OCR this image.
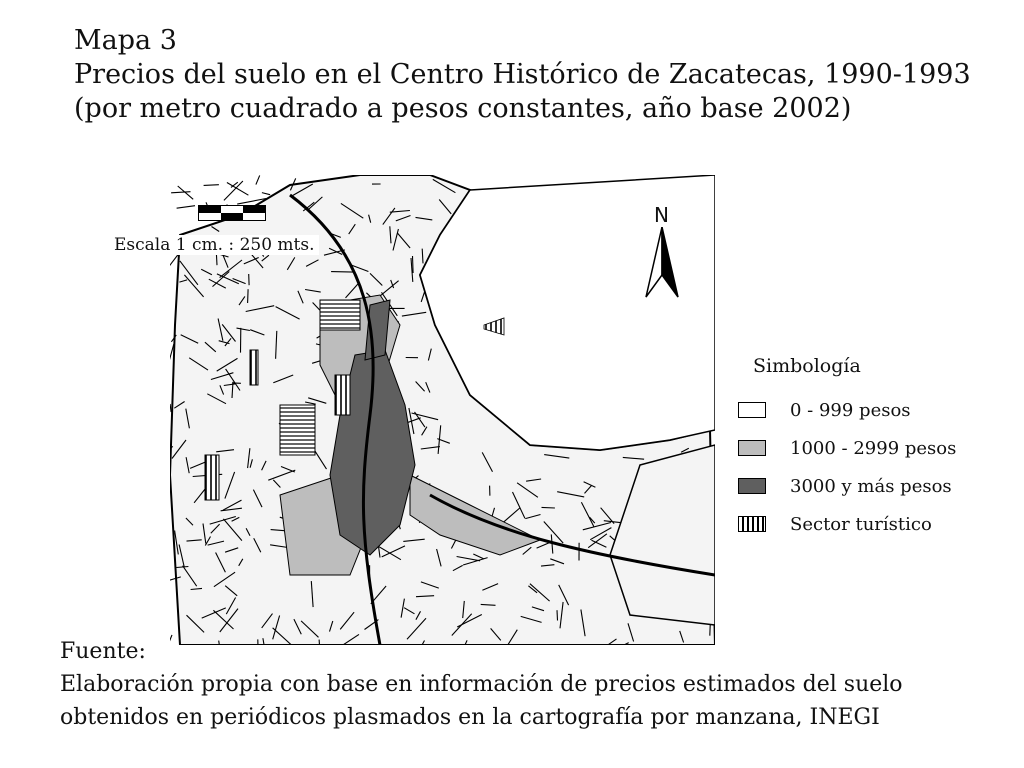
Mapa 3
Precios del suelo en el Centro Histórico de Zacatecas, 1990-1993
(por metro cuadrado a pesos constantes, año base 2002)
Escala 1 cm. : 250 mts.
N
Simbología
0 - 999 pesos
1000 - 2999 pesos
3000 y más pesos
Sector turístico
Fuente:
Elaboración propia con base en información de precios estimados del suelo
obtenidos en periódicos plasmados en la cartografía por manzana, INEGI
